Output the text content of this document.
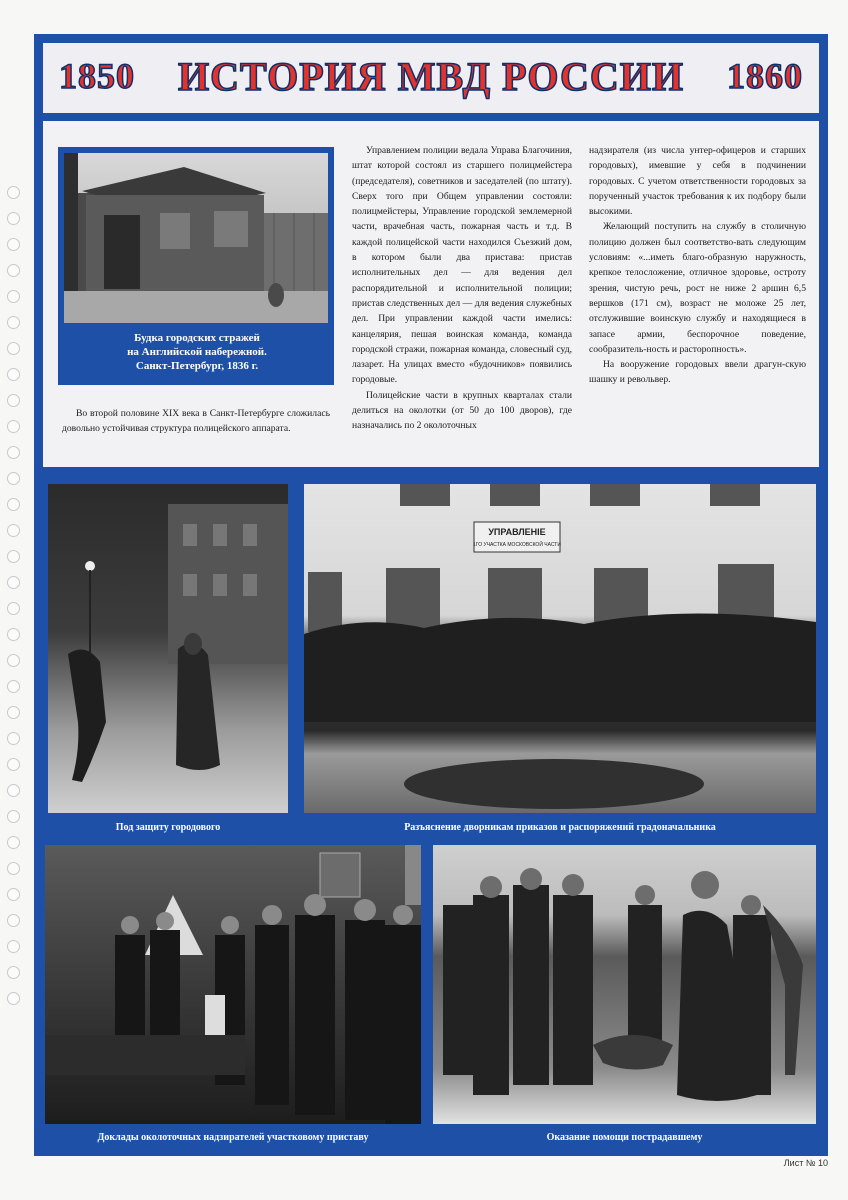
1850 ИСТОРИЯ МВД РОССИИ 1860
Будка городских стражей
на Английской набережной.
Санкт-Петербург, 1836 г.

Во второй половине XIX века в Санкт-Петербурге сложилась довольно устойчивая структура полицейского аппарата.

Управлением полиции ведала Управа Благочиния, штат которой состоял из старшего полицмейстера (председателя), советников и заседателей (по штату). Сверх того при Общем управлении состояли: полицмейстеры, Управление городской землемерной части, врачебная часть, пожарная часть и т.д. В каждой полицейской части находился Съезжий дом, в котором были два пристава: пристав исполнительных дел — для ведения дел распорядительной и исполнительной полиции; пристав следственных дел — для ведения служебных дел. При управлении каждой части имелись: канцелярия, пешая воинская команда, команда городской стражи, пожарная команда, словесный суд, лазарет. На улицах вместо «будочников» появились городовые.

Полицейские части в крупных кварталах стали делиться на околотки (от 50 до 100 дворов), где назначались по 2 околоточных

надзирателя (из числа унтер-офицеров и старших городовых), имевшие у себя в подчинении городовых. С учетом ответственности городовых за порученный участок требования к их подбору были высокими.

Желающий поступить на службу в столичную полицию должен был соответство-вать следующим условиям: «...иметь благо-образную наружность, крепкое телосложение, отличное здоровье, остроту зрения, чистую речь, рост не ниже 2 аршин 6,5 вершков (171 см), возраст не моложе 25 лет, отслужившие воинскую службу и находящиеся в запасе армии, беспорочное поведение, сообразитель-ность и расторопность».

На вооружение городовых ввели драгун-скую шашку и револьвер.

УПРАВЛЕНIE
1ГО УЧАСТКА МОСКОВСКОЙ ЧАСТИ
Под защиту городового	Разъяснение дворникам приказов и распоряжений градоначальника
Доклады околоточных надзирателей участковому приставу	Оказание помощи пострадавшему
Лист № 10
